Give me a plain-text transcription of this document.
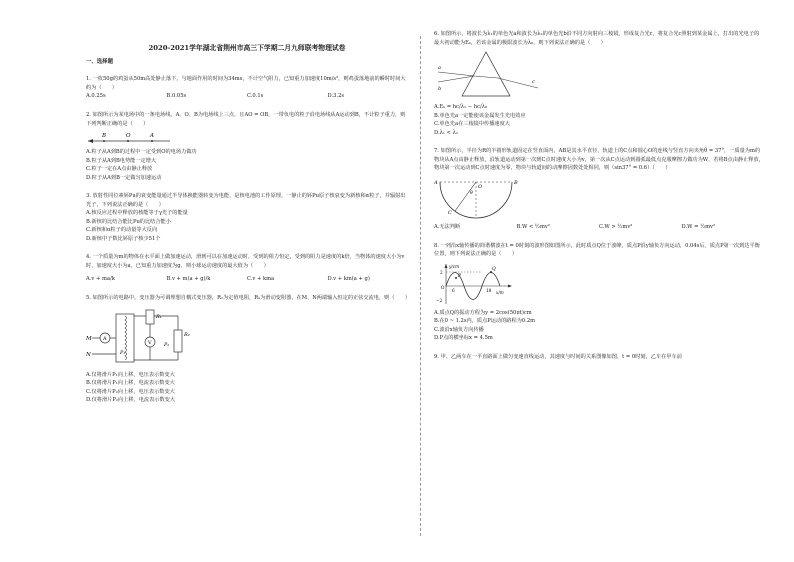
2020-2021学年湖北省荆州市高三下学期二月九师联考物理试卷
一、选择题

1. 一枚50g的鸡蛋从50m高处静止落下，与地面作用的时间为34ms，不计空气阻力，已知重力加速度10m/s²，则鸡蛋落地前的瞬时时间大约为（　　）

A.0.25s	B.0.05s	C.0.1s	D.3.2s

2. 如图所示为某电场中的一条电场线，A、O、B为电场线上三点，且AO = OB，一带负电的粒子沿电场线从A运动到B，不计粒子重力，则下列判断正确的是（　　）

B	O	A

A.粒子从A到B的过程中一定受到O的电场力做功

B.粒子从A到B电势能一定增大

C.粒子一定在A点由静止释放

D.粒子从A到B一定做匀加速运动

3. 放射性同位素钚Pu的衰变能量通过半导体换能器转变为电能，是核电池的工作原理。一静止的钚Pu原子核衰变为新核和α粒子，并辐射出光子，下列说法正确的是（　　）

A.核反应过程中释放的核能等于γ光子的能量

B.新核的比结合能比Pu的比结合能小

C.新核和α粒子的动量等大反向

D.新核中子数比钚原子核少51个

4. 一个质量为m的物体在水平面上做加速运动，滑到可以在加速运动时，受到的阻力恒定，受到的阻力是速度的k倍，当物体的速度大小为v时，加速度大小为a，已知重力加速度为g，则小球运动速度的最大值为（　　）

A.v + ma/k	B.v + m(a + g)/k	C.v + kma	D.v + km(a + g)

5. 如图所示的电路中，变压器为可调理想自耦式变压器，R₁为定值电阻，R₂为滑动变阻器，在M、N两端输入恒定的正弦交流电，则（　　）

M
N
A
P₁
R₁
V
R₂
P₂

A.仅将滑片P₁向上移，电压表示数变大

B.仅将滑片P₁向上移，电流表示数变大

C.仅将滑片P₂向上移，电压表示数变大

D.仅将滑片P₂向上移，电流表示数变大

6. 如图所示，将波长为λ₁的单色光a和波长为λ₂的单色光b沿不同方向射向三棱镜，形成复合光c，将复合光c照射到某金属上，打出的光电子的最大初动能为Eₖ，若该金属的极限波长为λ₀，则下列说法正确的是（　　）

a
b
c

A.Eₖ = hc/λ₁ − hc/λ₀

B.单色光a一定能使该金属发生光电效应

C.单色光a在三棱镜中传播速度大

D.λ₁ < λ₂

7. 如图所示，半径为R的半圆形轨道固定在竖直面内，AB是其水平直径，轨道上的C点和圆心O的连线与竖直方向夹角θ = 37°，一质量为m的物块从A点由静止释放，沿轨道运动到第一次到C点时速度大小为v，第一次从C点运动到圆弧最低点克服摩擦力做功为W，若将B点由静止释放，物块第一次运动到C点时速度为零，物块与轨道间的动摩擦因数处处相同，则（sin37° = 0.6）（　　）

A	B
O
C
θ
A.无法判断	B.W < ½mv²	C.W > ½mv²	D.W = ½mv²

8. 一列沿x轴传播的简谐横波在t = 0时刻的波形图如图所示，此时质点Q位于波峰，质点P沿y轴负方向运动，0.04s后，质点P第一次到达平衡位置，则下列说法正确的是（　　）

y/cm
x/m
P
Q
O
2
−2
18
6

A.质点Q的振动方程为y = 2cos(50πt)cm

B.在0 ~ 1.2s内，质点P运动的路程为0.2m

C.波沿x轴负方向传播

D.P点的横坐标x = 4.5m

9. 甲、乙两车在一平直路面上做匀变速直线运动，其速度与时间的关系图像如图，t = 0时刻，乙车在甲车前
